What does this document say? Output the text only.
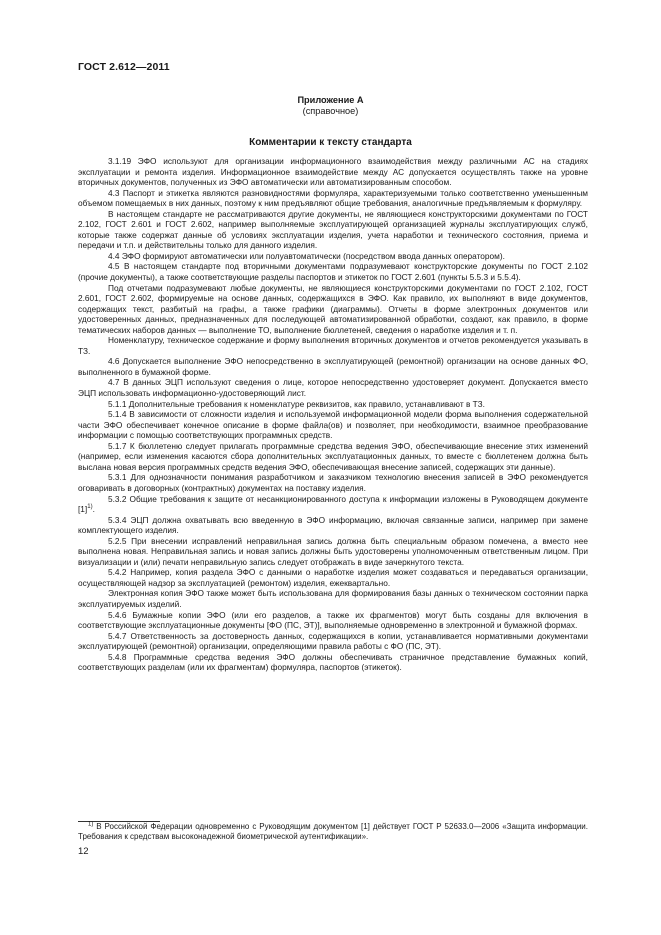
ГОСТ 2.612—2011
Приложение А
(справочное)
Комментарии к тексту стандарта

3.1.19 ЭФО используют для организации информационного взаимодействия между различными АС на стадиях эксплуатации и ремонта изделия. Информационное взаимодействие между АС допускается осуществлять также на уровне вторичных документов, полученных из ЭФО автоматически или автоматизированным способом.

4.3 Паспорт и этикетка являются разновидностями формуляра, характеризуемыми только соответственно уменьшенным объемом помещаемых в них данных, поэтому к ним предъявляют общие требования, аналогичные предъявляемым к формуляру.

В настоящем стандарте не рассматриваются другие документы, не являющиеся конструкторскими документами по ГОСТ 2.102, ГОСТ 2.601 и ГОСТ 2.602, например выполняемые эксплуатирующей организацией журналы эксплуатирующих служб, которые также содержат данные об условиях эксплуатации изделия, учета наработки и технического состояния, приема и передачи и т.п. и действительны только для данного изделия.

4.4 ЭФО формируют автоматически или полуавтоматически (посредством ввода данных оператором).

4.5 В настоящем стандарте под вторичными документами подразумевают конструкторские документы по ГОСТ 2.102 (прочие документы), а также соответствующие разделы паспортов и этикеток по ГОСТ 2.601 (пункты 5.5.3 и 5.5.4).

Под отчетами подразумевают любые документы, не являющиеся конструкторскими документами по ГОСТ 2.102, ГОСТ 2.601, ГОСТ 2.602, формируемые на основе данных, содержащихся в ЭФО. Как правило, их выполняют в виде документов, содержащих текст, разбитый на графы, а также графики (диаграммы). Отчеты в форме электронных документов или удостоверенных данных, предназначенных для последующей автоматизированной обработки, создают, как правило, в форме тематических наборов данных — выполнение ТО, выполнение бюллетеней, сведения о наработке изделия и т. п.

Номенклатуру, техническое содержание и форму выполнения вторичных документов и отчетов рекомендуется указывать в ТЗ.

4.6 Допускается выполнение ЭФО непосредственно в эксплуатирующей (ремонтной) организации на основе данных ФО, выполненного в бумажной форме.

4.7 В данных ЭЦП используют сведения о лице, которое непосредственно удостоверяет документ. Допускается вместо ЭЦП использовать информационно-удостоверяющий лист.

5.1.1 Дополнительные требования к номенклатуре реквизитов, как правило, устанавливают в ТЗ.

5.1.4 В зависимости от сложности изделия и используемой информационной модели форма выполнения содержательной части ЭФО обеспечивает конечное описание в форме файла(ов) и позволяет, при необходимости, взаимное преобразование информации с помощью соответствующих программных средств.

5.1.7 К бюллетеню следует прилагать программные средства ведения ЭФО, обеспечивающие внесение этих изменений (например, если изменения касаются сбора дополнительных эксплуатационных данных, то вместе с бюллетенем должна быть выслана новая версия программных средств ведения ЭФО, обеспечивающая внесение записей, содержащих эти данные).

5.3.1 Для однозначности понимания разработчиком и заказчиком технологию внесения записей в ЭФО рекомендуется оговаривать в договорных (контрактных) документах на поставку изделия.

5.3.2 Общие требования к защите от несанкционированного доступа к информации изложены в Руководящем документе $[1]^{1)}$.

5.3.4 ЭЦП должна охватывать всю введенную в ЭФО информацию, включая связанные записи, например при замене комплектующего изделия.

5.2.5 При внесении исправлений неправильная запись должна быть специальным образом помечена, а вместо нее выполнена новая. Неправильная запись и новая запись должны быть удостоверены уполномоченным ответственным лицом. При визуализации и (или) печати неправильную запись следует отображать в виде зачеркнутого текста.

5.4.2 Например, копия раздела ЭФО с данными о наработке изделия может создаваться и передаваться организации, осуществляющей надзор за эксплуатацией (ремонтом) изделия, ежеквартально.

Электронная копия ЭФО также может быть использована для формирования базы данных о техническом состоянии парка эксплуатируемых изделий.

5.4.6 Бумажные копии ЭФО (или его разделов, а также их фрагментов) могут быть созданы для включения в соответствующие эксплуатационные документы [ФО (ПС, ЭТ)], выполняемые одновременно в электронной и бумажной формах.

5.4.7 Ответственность за достоверность данных, содержащихся в копии, устанавливается нормативными документами эксплуатирующей (ремонтной) организации, определяющими правила работы с ФО (ПС, ЭТ).

5.4.8 Программные средства ведения ЭФО должны обеспечивать страничное представление бумажных копий, соответствующих разделам (или их фрагментам) формуляра, паспортов (этикеток).

$^{1)}$ В Российской Федерации одновременно с Руководящим документом [1] действует ГОСТ Р 52633.0—2006 «Защита информации. Требования к средствам высоконадежной биометрической аутентификации».

12
